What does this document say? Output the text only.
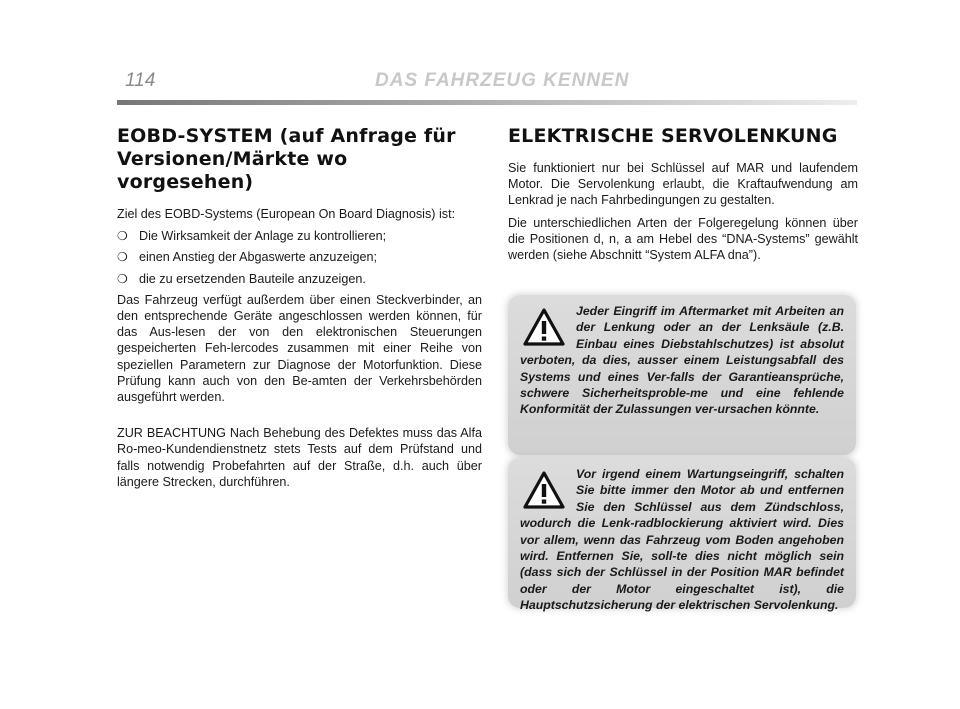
114	DAS FAHRZEUG KENNEN
EOBD-SYSTEM (auf Anfrage für Versionen/Märkte wo vorgesehen)

Ziel des EOBD-Systems (European On Board Diagnosis) ist:

❍ Die Wirksamkeit der Anlage zu kontrollieren;
❍ einen Anstieg der Abgaswerte anzuzeigen;
❍ die zu ersetzenden Bauteile anzuzeigen.

Das Fahrzeug verfügt außerdem über einen Steckverbinder, an den entsprechende Geräte angeschlossen werden können, für das Aus-lesen der von den elektronischen Steuerungen gespeicherten Feh-lercodes zusammen mit einer Reihe von speziellen Parametern zur Diagnose der Motorfunktion. Diese Prüfung kann auch von den Be-amten der Verkehrsbehörden ausgeführt werden.

ZUR BEACHTUNG Nach Behebung des Defektes muss das Alfa Ro-meo-Kundendienstnetz stets Tests auf dem Prüfstand und falls notwendig Probefahrten auf der Straße, d.h. auch über längere Strecken, durchführen.

ELEKTRISCHE SERVOLENKUNG

Sie funktioniert nur bei Schlüssel auf MAR und laufendem Motor. Die Servolenkung erlaubt, die Kraftaufwendung am Lenkrad je nach Fahrbedingungen zu gestalten.

Die unterschiedlichen Arten der Folgeregelung können über die Positionen d, n, a am Hebel des “DNA-Systems” gewählt werden (siehe Abschnitt “System ALFA dna”).

Jeder Eingriff im Aftermarket mit Arbeiten an der Lenkung oder an der Lenksäule (z.B. Einbau eines Diebstahlschutzes) ist absolut verboten, da dies, ausser einem Leistungsabfall des Systems und eines Ver-falls der Garantieansprüche, schwere Sicherheitsproble-me und eine fehlende Konformität der Zulassungen ver-ursachen könnte.

Vor irgend einem Wartungseingriff, schalten Sie bitte immer den Motor ab und entfernen Sie den Schlüssel aus dem Zündschloss, wodurch die Lenk-radblockierung aktiviert wird. Dies vor allem, wenn das Fahrzeug vom Boden angehoben wird. Entfernen Sie, soll-te dies nicht möglich sein (dass sich der Schlüssel in der Position MAR befindet oder der Motor eingeschaltet ist), die Hauptschutzsicherung der elektrischen Servolenkung.
